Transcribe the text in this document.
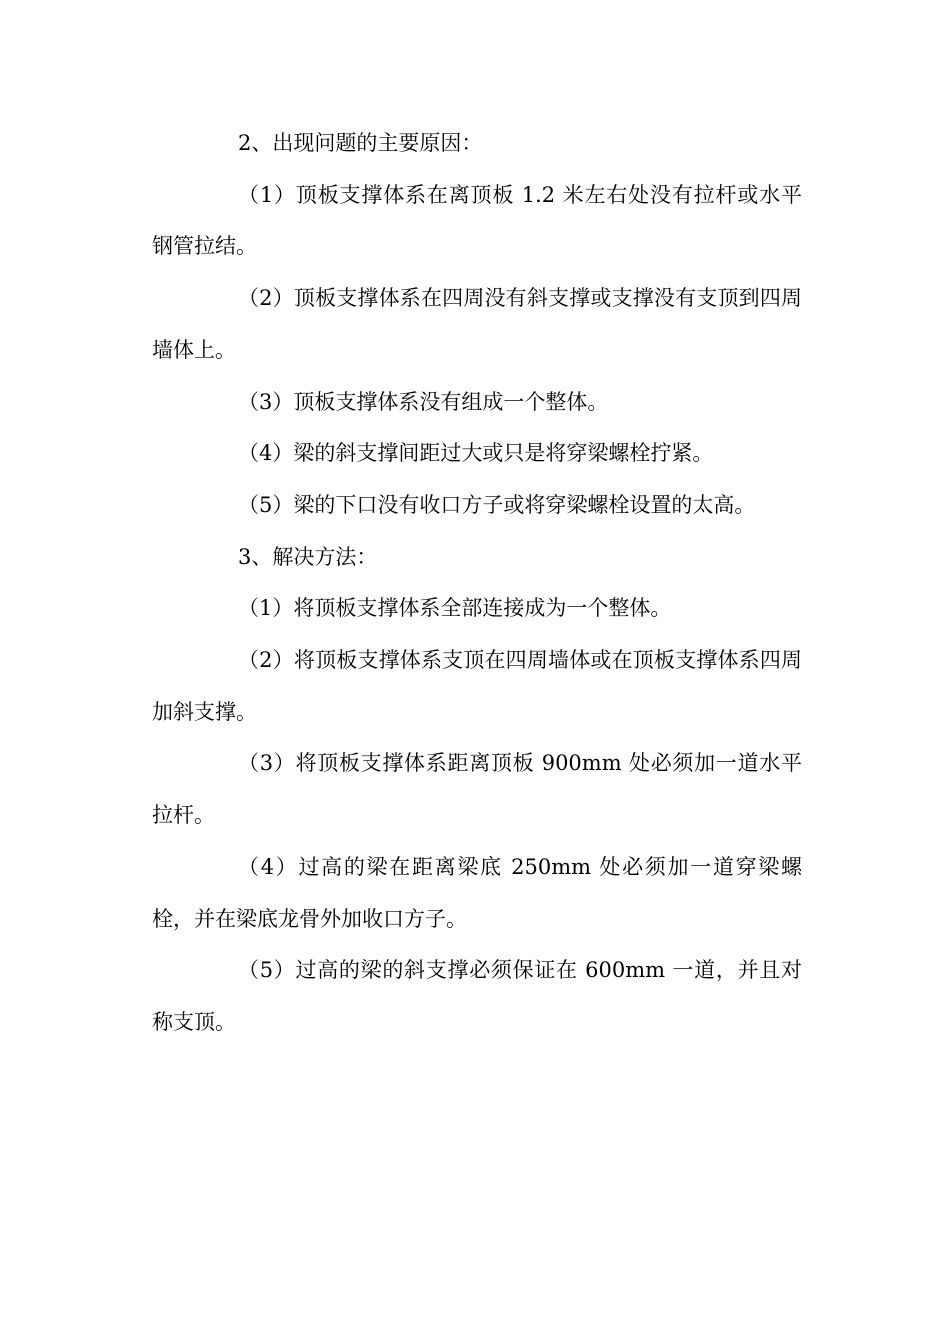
2、出现问题的主要原因：

（1）顶板支撑体系在离顶板 1.2 米左右处没有拉杆或水平钢管拉结。

（2）顶板支撑体系在四周没有斜支撑或支撑没有支顶到四周墙体上。

（3）顶板支撑体系没有组成一个整体。

（4）梁的斜支撑间距过大或只是将穿梁螺栓拧紧。

（5）梁的下口没有收口方子或将穿梁螺栓设置的太高。

3、解决方法：

（1）将顶板支撑体系全部连接成为一个整体。

（2）将顶板支撑体系支顶在四周墙体或在顶板支撑体系四周加斜支撑。

（3）将顶板支撑体系距离顶板 900mm 处必须加一道水平拉杆。

（4）过高的梁在距离梁底 250mm 处必须加一道穿梁螺栓，并在梁底龙骨外加收口方子。

（5）过高的梁的斜支撑必须保证在 600mm 一道，并且对称支顶。
